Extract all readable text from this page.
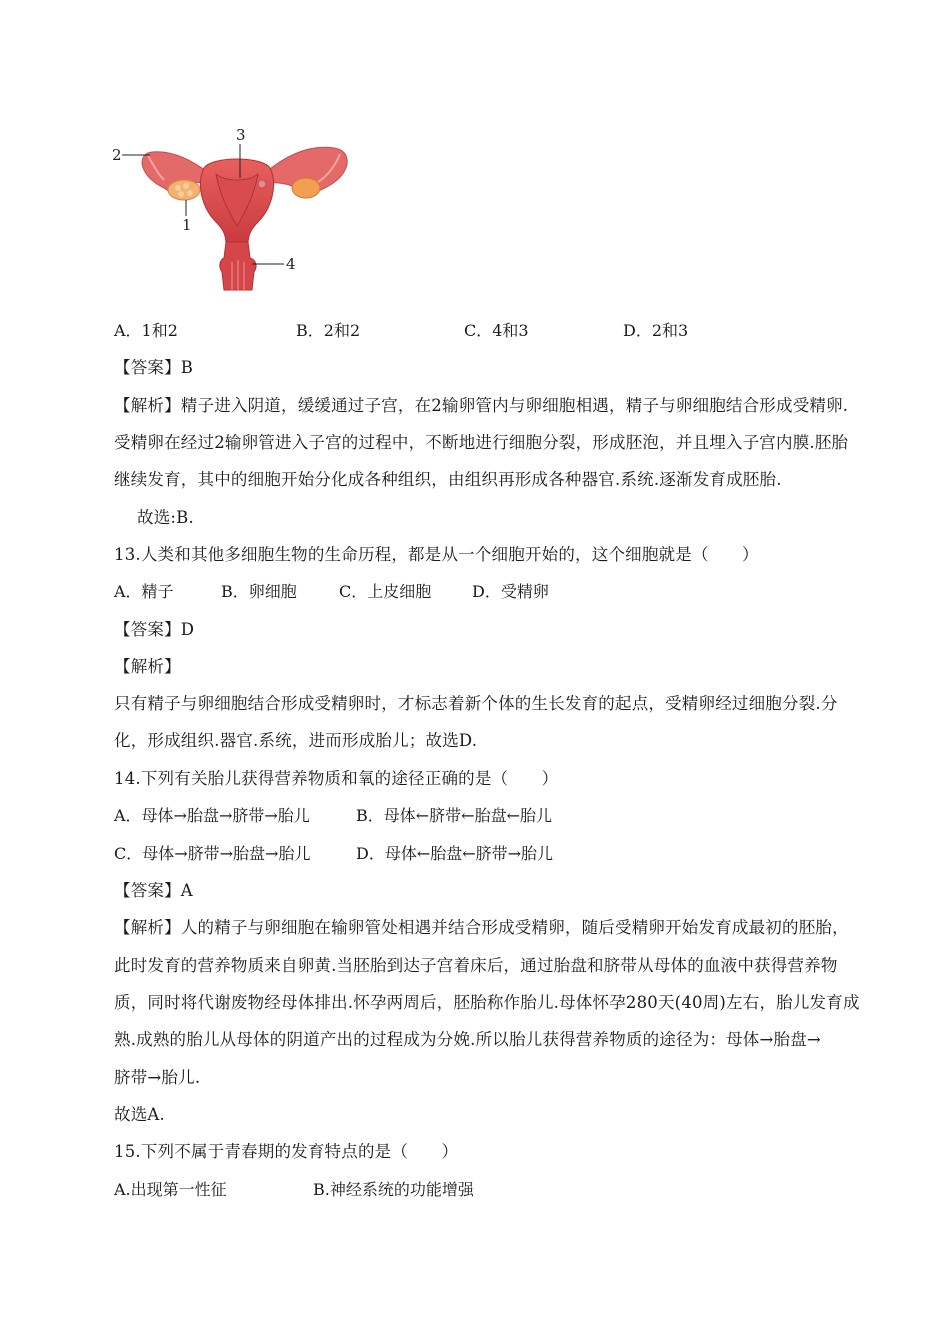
2
3
1
4
A．1和2	B．2和2	C．4和3	D．2和3
【答案】B
【解析】精子进入阴道，缓缓通过子宫，在2输卵管内与卵细胞相遇，精子与卵细胞结合形成受精卵.
受精卵在经过2输卵管进入子宫的过程中，不断地进行细胞分裂，形成胚泡，并且埋入子宫内膜.胚胎
继续发育，其中的细胞开始分化成各种组织，由组织再形成各种器官.系统.逐渐发育成胚胎.
故选:B.
13.人类和其他多细胞生物的生命历程，都是从一个细胞开始的，这个细胞就是（　　）
A．精子	B．卵细胞	C．上皮细胞	D．受精卵
【答案】D
【解析】
只有精子与卵细胞结合形成受精卵时，才标志着新个体的生长发育的起点，受精卵经过细胞分裂.分
化，形成组织.器官.系统，进而形成胎儿；故选D.
14.下列有关胎儿获得营养物质和氧的途径正确的是（　　）
A．母体→胎盘→脐带→胎儿	B．母体←脐带←胎盘←胎儿
C．母体→脐带→胎盘→胎儿	D．母体←胎盘←脐带→胎儿
【答案】A
【解析】人的精子与卵细胞在输卵管处相遇并结合形成受精卵，随后受精卵开始发育成最初的胚胎，
此时发育的营养物质来自卵黄.当胚胎到达子宫着床后，通过胎盘和脐带从母体的血液中获得营养物
质，同时将代谢废物经母体排出.怀孕两周后，胚胎称作胎儿.母体怀孕280天(40周)左右，胎儿发育成
熟.成熟的胎儿从母体的阴道产出的过程成为分娩.所以胎儿获得营养物质的途径为：母体→胎盘→
脐带→胎儿.
故选A.
15.下列不属于青春期的发育特点的是（　　）
A.出现第一性征	B.神经系统的功能增强
